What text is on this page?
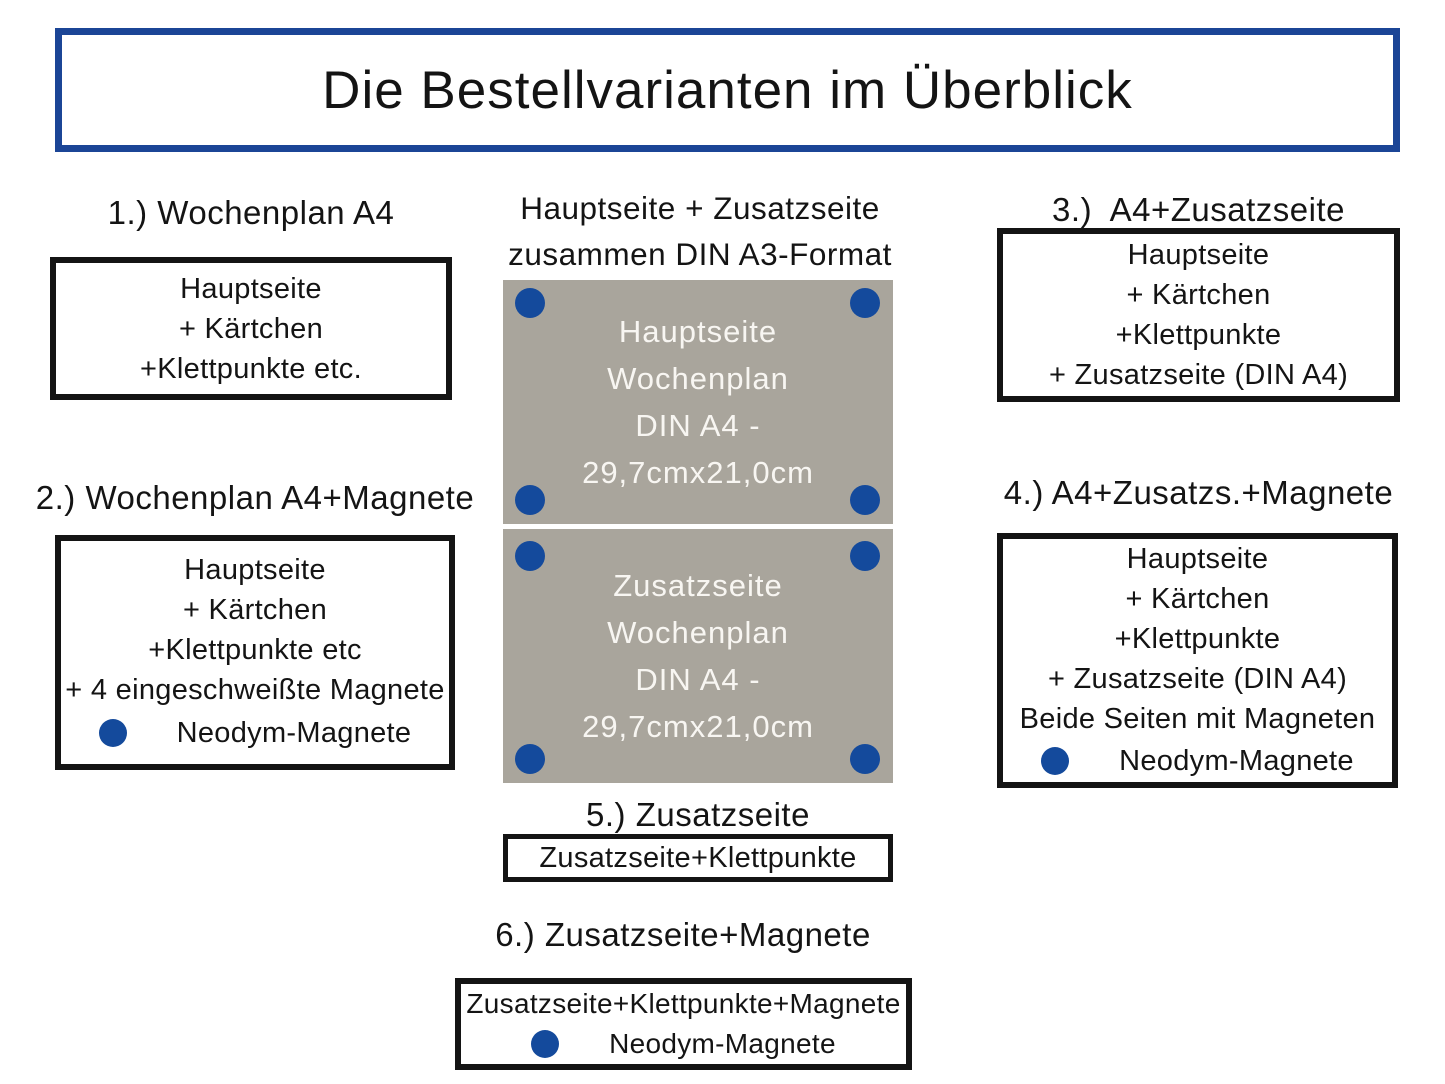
Die Bestellvarianten im Überblick
1.) Wochenplan A4
Hauptseite
+ Kärtchen
+Klettpunkte etc.
2.) Wochenplan A4+Magnete
Hauptseite
+ Kärtchen
+Klettpunkte etc
+ 4 eingeschweißte Magnete
Neodym-Magnete
Hauptseite + Zusatzseite
zusammen DIN A3-Format
Hauptseite
Wochenplan
DIN A4 -
29,7cmx21,0cm
Zusatzseite
Wochenplan
DIN A4 -
29,7cmx21,0cm
3.)  A4+Zusatzseite
Hauptseite
+ Kärtchen
+Klettpunkte
+ Zusatzseite (DIN A4)
4.) A4+Zusatzs.+Magnete
Hauptseite
+ Kärtchen
+Klettpunkte
+ Zusatzseite (DIN A4)
Beide Seiten mit Magneten
Neodym-Magnete
5.) Zusatzseite
Zusatzseite+Klettpunkte
6.) Zusatzseite+Magnete
Zusatzseite+Klettpunkte+Magnete
Neodym-Magnete
